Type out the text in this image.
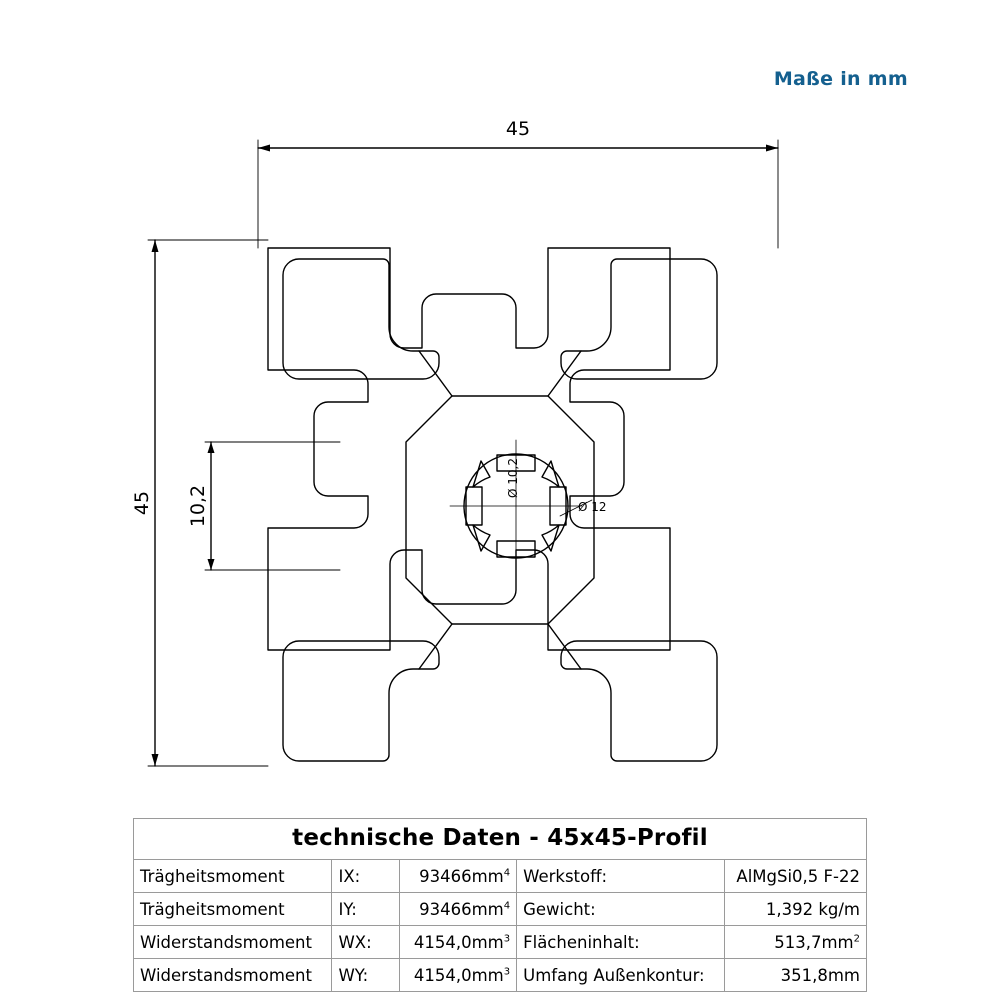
Maße in mm
45
45 10,2
Ø 10,2
Ø 12
technische Daten - 45x45-Profil				
Trägheitsmoment	IX:	$93466mm^4$	Werkstoff:	AlMgSi0,5 F-22
Trägheitsmoment	IY:	$93466mm^4$	Gewicht:	1,392 kg/m
Widerstandsmoment	WX:	$4154,0mm^3$	Flächeninhalt:	$513,7mm^2$
Widerstandsmoment	WY:	$4154,0mm^3$	Umfang Außenkontur:	351,8mm
